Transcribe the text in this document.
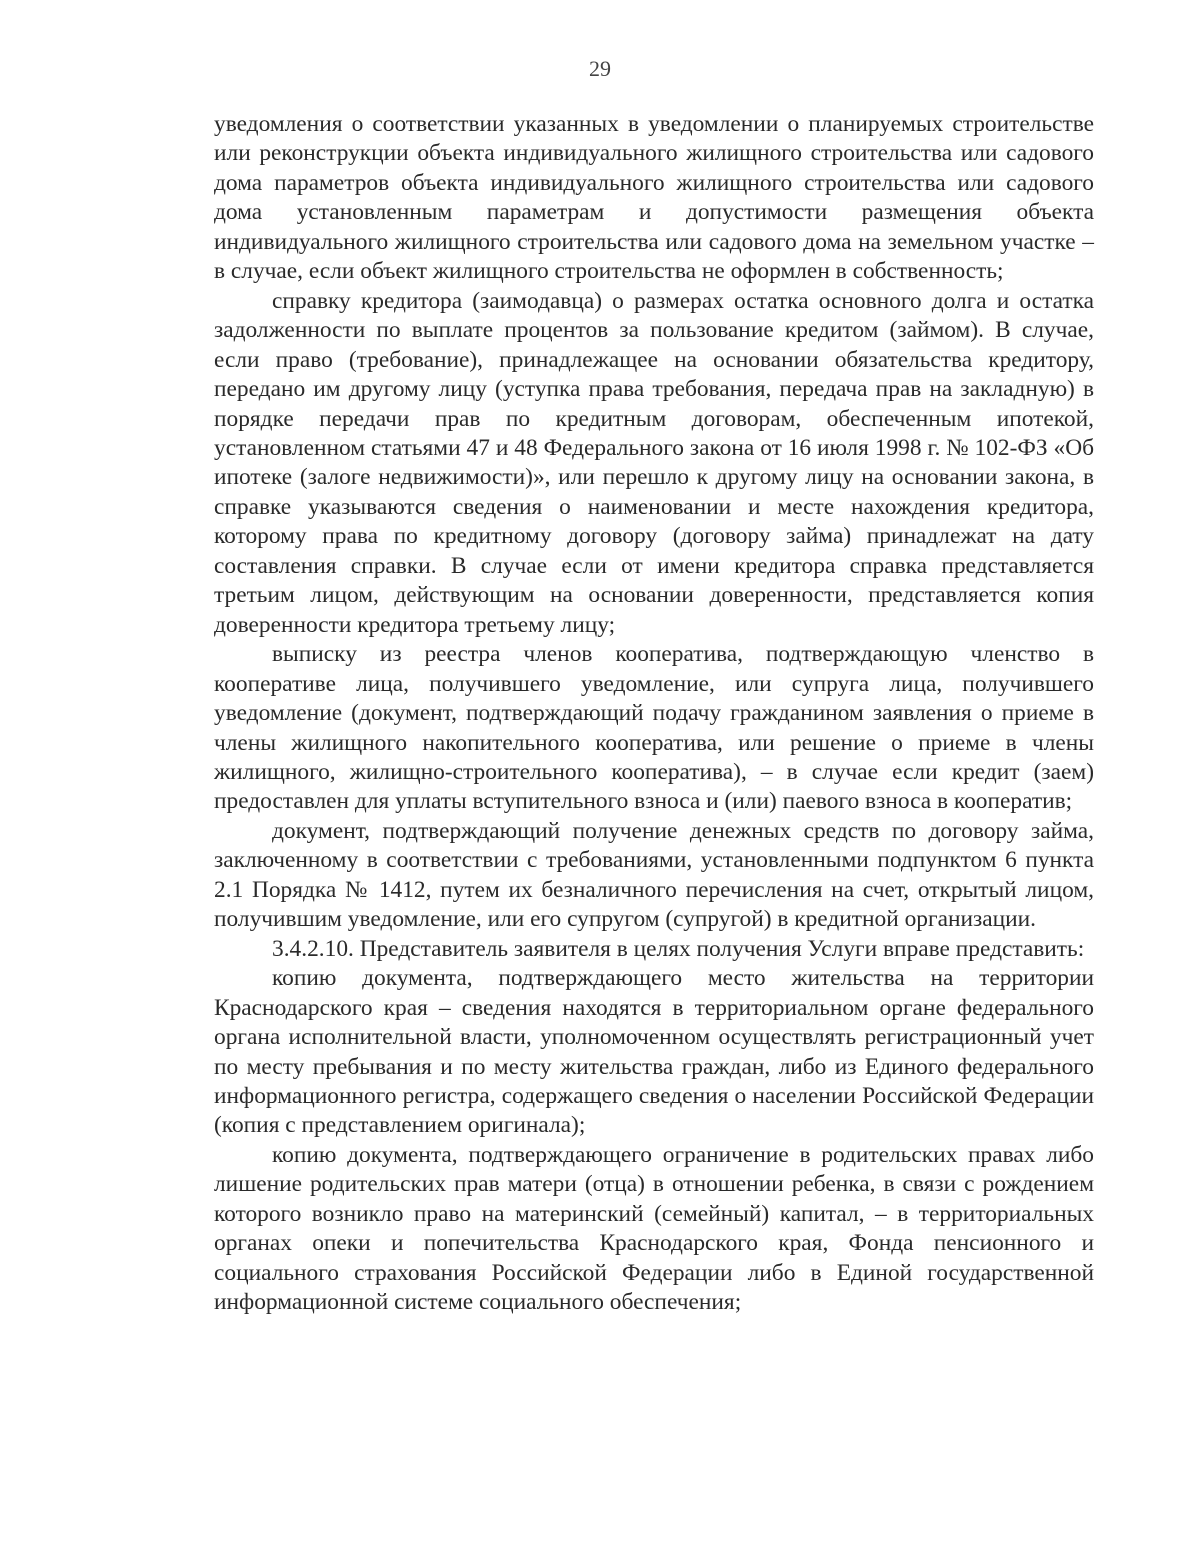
29

уведомления о соответствии указанных в уведомлении о планируемых строительстве или реконструкции объекта индивидуального жилищного строительства или садового дома параметров объекта индивидуального жилищного строительства или садового дома установленным параметрам и допустимости размещения объекта индивидуального жилищного строительства или садового дома на земельном участке – в случае, если объект жилищного строительства не оформлен в собственность;

справку кредитора (заимодавца) о размерах остатка основного долга и остатка задолженности по выплате процентов за пользование кредитом (займом). В случае, если право (требование), принадлежащее на основании обязательства кредитору, передано им другому лицу (уступка права требования, передача прав на закладную) в порядке передачи прав по кредитным договорам, обеспеченным ипотекой, установленном статьями 47 и 48 Федерального закона от 16 июля 1998 г. № 102-ФЗ «Об ипотеке (залоге недвижимости)», или перешло к другому лицу на основании закона, в справке указываются сведения о наименовании и месте нахождения кредитора, которому права по кредитному договору (договору займа) принадлежат на дату составления справки. В случае если от имени кредитора справка представляется третьим лицом, действующим на основании доверенности, представляется копия доверенности кредитора третьему лицу;

выписку из реестра членов кооператива, подтверждающую членство в кооперативе лица, получившего уведомление, или супруга лица, получившего уведомление (документ, подтверждающий подачу гражданином заявления о приеме в члены жилищного накопительного кооператива, или решение о приеме в члены жилищного, жилищно-строительного кооператива), – в случае если кредит (заем) предоставлен для уплаты вступительного взноса и (или) паевого взноса в кооператив;

документ, подтверждающий получение денежных средств по договору займа, заключенному в соответствии с требованиями, установленными подпунктом 6 пункта 2.1 Порядка № 1412, путем их безналичного перечисления на счет, открытый лицом, получившим уведомление, или его супругом (супругой) в кредитной организации.

3.4.2.10. Представитель заявителя в целях получения Услуги вправе представить:

копию документа, подтверждающего место жительства на территории Краснодарского края – сведения находятся в территориальном органе федерального органа исполнительной власти, уполномоченном осуществлять регистрационный учет по месту пребывания и по месту жительства граждан, либо из Единого федерального информационного регистра, содержащего сведения о населении Российской Федерации (копия с представлением оригинала);

копию документа, подтверждающего ограничение в родительских правах либо лишение родительских прав матери (отца) в отношении ребенка, в связи с рождением которого возникло право на материнский (семейный) капитал, – в территориальных органах опеки и попечительства Краснодарского края, Фонда пенсионного и социального страхования Российской Федерации либо в Единой государственной информационной системе социального обеспечения;
